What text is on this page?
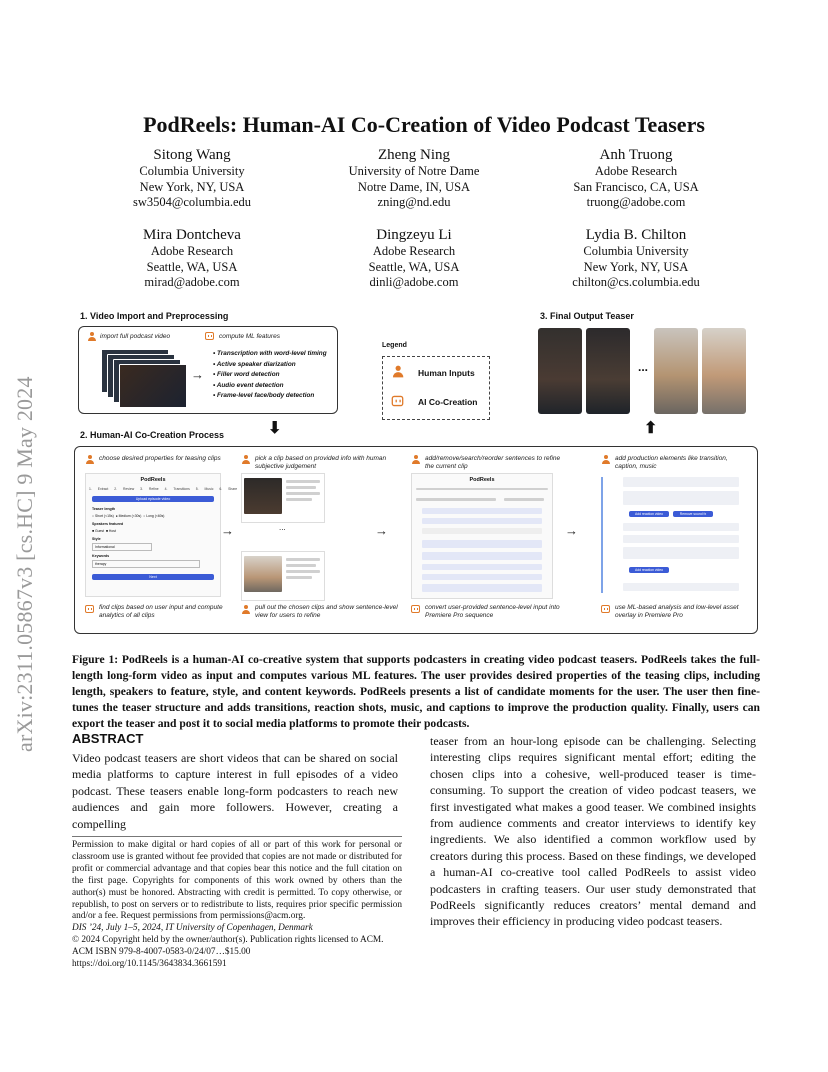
arXiv:2311.05867v3 [cs.HC] 9 May 2024
PodReels: Human-AI Co-Creation of Video Podcast Teasers
Sitong Wang
Columbia University
New York, NY, USA
sw3504@columbia.edu
Zheng Ning
University of Notre Dame
Notre Dame, IN, USA
zning@nd.edu
Anh Truong
Adobe Research
San Francisco, CA, USA
truong@adobe.com
Mira Dontcheva
Adobe Research
Seattle, WA, USA
mirad@adobe.com
Dingzeyu Li
Adobe Research
Seattle, WA, USA
dinli@adobe.com
Lydia B. Chilton
Columbia University
New York, NY, USA
chilton@cs.columbia.edu
1. Video Import and Preprocessing	3. Final Output Teaser
import full podcast video	compute ML features
→
• Transcription with word-level timing
• Active speaker diarization
• Filler word detection
• Audio event detection
• Frame-level face/body detection
Legend
Human Inputs
AI Co-Creation
...
2. Human-AI Co-Creation Process	⬇	⬆
choose desired properties for teasing clips
PodReels
1. Extract 2. Review 3. Refine 4. Transitions 5. Music 6. Share
Upload episode video
Teaser length
○ Short (<15s)  ● Medium (<30s)  ○ Long (<60s)
Speakers featured
■ Guest  ■ Host
Style
Informational
Keywords
therapy
Next
find clips based on user input and compute analytics of all clips
→
pick a clip based on provided info with human subjective judgement
...
pull out the chosen clips and show sentence-level view for users to refine
→
add/remove/search/reorder sentences to refine the current clip
PodReels
convert user-provided sentence-level input into Premiere Pro sequence
→
add production elements like transition, caption, music
Add reaction video	Remove sound fx
Add reaction video
use ML-based analysis and low-level asset overlay in Premiere Pro
Figure 1: PodReels is a human-AI co-creative system that supports podcasters in creating video podcast teasers. PodReels takes the full-length long-form video as input and computes various ML features. The user provides desired properties of the teasing clips, including length, speakers to feature, style, and content keywords. PodReels presents a list of candidate moments for the user. The user then fine-tunes the teaser structure and adds transitions, reaction shots, music, and captions to improve the production quality. Finally, users can export the teaser and post it to social media platforms to promote their podcasts.
ABSTRACT
Video podcast teasers are short videos that can be shared on social media platforms to capture interest in full episodes of a video podcast. These teasers enable long-form podcasters to reach new audiences and gain more followers. However, creating a compelling
teaser from an hour-long episode can be challenging. Selecting interesting clips requires significant mental effort; editing the chosen clips into a cohesive, well-produced teaser is time-consuming. To support the creation of video podcast teasers, we first investigated what makes a good teaser. We combined insights from audience comments and creator interviews to identify key ingredients. We also identified a common workflow used by creators during this process. Based on these findings, we developed a human-AI co-creative tool called PodReels to assist video podcasters in crafting teasers. Our user study demonstrated that PodReels significantly reduces creators’ mental demand and improves their efficiency in producing video podcast teasers.
Permission to make digital or hard copies of all or part of this work for personal or classroom use is granted without fee provided that copies are not made or distributed for profit or commercial advantage and that copies bear this notice and the full citation on the first page. Copyrights for components of this work owned by others than the author(s) must be honored. Abstracting with credit is permitted. To copy otherwise, or republish, to post on servers or to redistribute to lists, requires prior specific permission and/or a fee. Request permissions from permissions@acm.org.
DIS ’24, July 1–5, 2024, IT University of Copenhagen, Denmark
© 2024 Copyright held by the owner/author(s). Publication rights licensed to ACM.
ACM ISBN 979-8-4007-0583-0/24/07…$15.00
https://doi.org/10.1145/3643834.3661591
